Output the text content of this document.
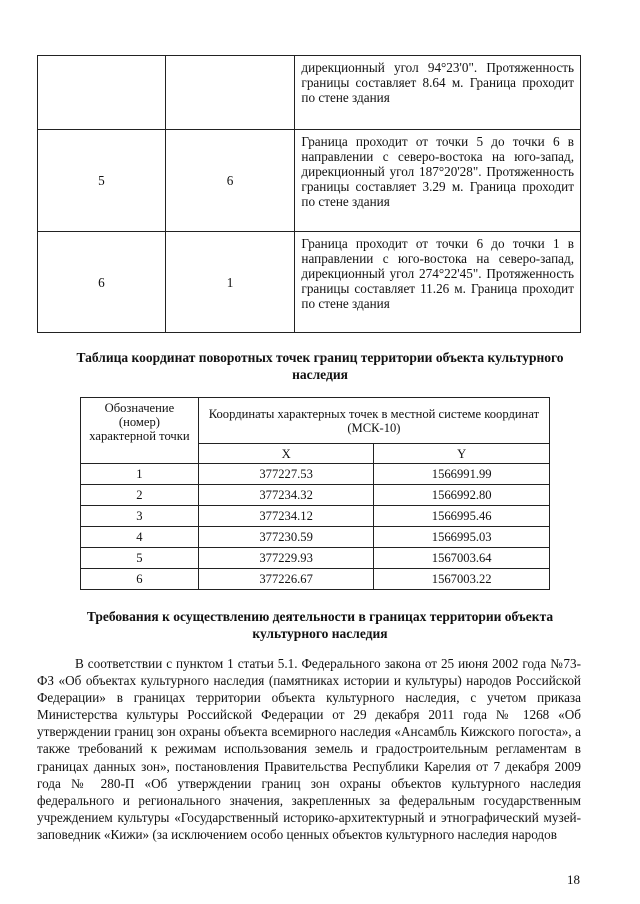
		дирекционный угол 94°23'0". Протяженность границы составляет 8.64 м. Граница проходит по стене здания
5	6	Граница проходит от точки 5 до точки 6 в направлении с северо-востока на юго-запад, дирекционный угол 187°20'28". Протяженность границы составляет 3.29 м. Граница проходит по стене здания
6	1	Граница проходит от точки 6 до точки 1 в направлении с юго-востока на северо-запад, дирекционный угол 274°22'45". Протяженность границы составляет 11.26 м. Граница проходит по стене здания
Таблица координат поворотных точек границ территории объекта культурного наследия
Обозначение (номер) характерной точки	Координаты характерных точек в местной системе координат (МСК-10)	
	X	Y
1	377227.53	1566991.99
2	377234.32	1566992.80
3	377234.12	1566995.46
4	377230.59	1566995.03
5	377229.93	1567003.64
6	377226.67	1567003.22
Требования к осуществлению деятельности в границах территории объекта культурного наследия

В соответствии с пунктом 1 статьи 5.1. Федерального закона от 25 июня 2002 года №73-ФЗ «Об объектах культурного наследия (памятниках истории и культуры) народов Российской Федерации» в границах территории объекта культурного наследия, с учетом приказа Министерства культуры Российской Федерации от 29 декабря 2011 года № 1268 «Об утверждении границ зон охраны объекта всемирного наследия «Ансамбль Кижского погоста», а также требований к режимам использования земель и градостроительным регламентам в границах данных зон», постановления Правительства Республики Карелия от 7 декабря 2009 года № 280-П «Об утверждении границ зон охраны объектов культурного наследия федерального и регионального значения, закрепленных за федеральным государственным учреждением культуры «Государственный историко-архитектурный и этнографический музей-заповедник «Кижи» (за исключением особо ценных объектов культурного наследия народов

18
